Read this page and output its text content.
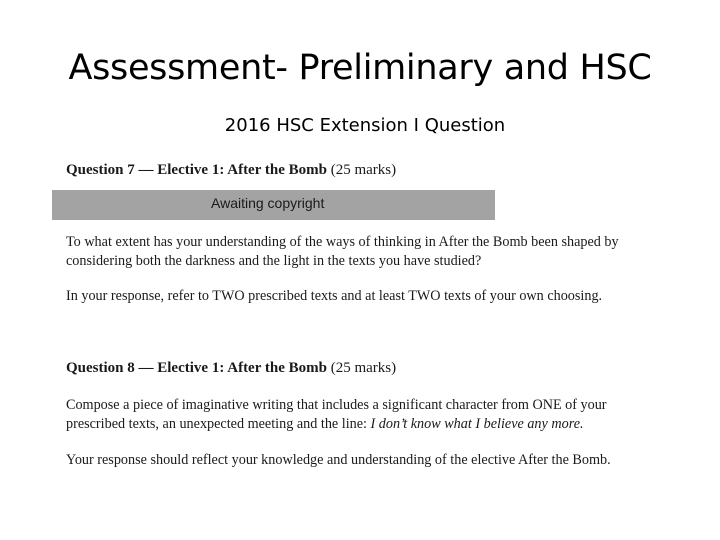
Assessment- Preliminary and HSC
2016 HSC Extension I Question
Question 7 — Elective 1: After the Bomb (25 marks)
Awaiting copyright

To what extent has your understanding of the ways of thinking in After the Bomb been shaped by considering both the darkness and the light in the texts you have studied?

In your response, refer to TWO prescribed texts and at least TWO texts of your own choosing.

Question 8 — Elective 1: After the Bomb (25 marks)

Compose a piece of imaginative writing that includes a significant character from ONE of your prescribed texts, an unexpected meeting and the line: I don’t know what I believe any more.

Your response should reflect your knowledge and understanding of the elective After the Bomb.
